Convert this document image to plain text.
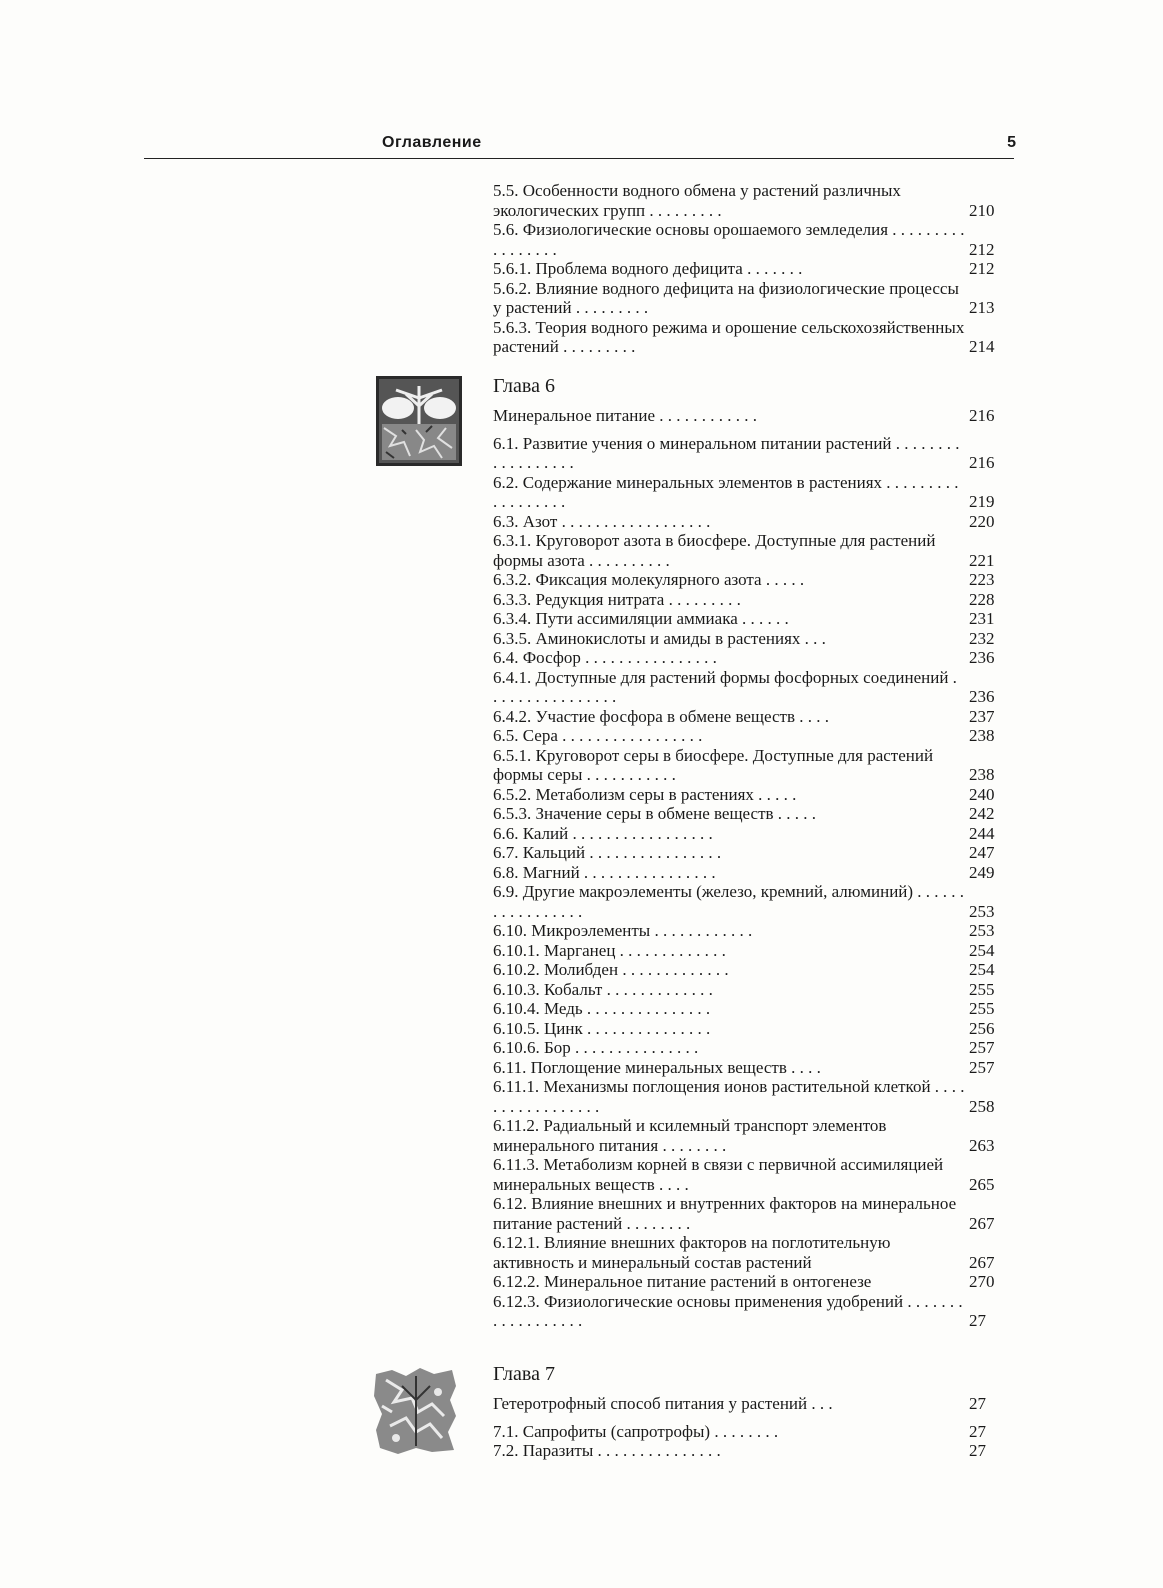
Оглавление	5
5.5. Особенности водного обмена у растений различных экологических групп . . . . . . . . .	210
5.6. Физиологические основы орошаемого земледелия . . . . . . . . . . . . . . . . .	212
5.6.1. Проблема водного дефицита . . . . . . .	212
5.6.2. Влияние водного дефицита на физиологические процессы у растений . . . . . . . . .	213
5.6.3. Теория водного режима и орошение сельскохозяйственных растений . . . . . . . . .	214
Глава 6
Минеральное питание . . . . . . . . . . . .	216
6.1. Развитие учения о минеральном питании растений . . . . . . . . . . . . . . . . . .	216
6.2. Содержание минеральных элементов в растениях . . . . . . . . . . . . . . . . . .	219
6.3. Азот . . . . . . . . . . . . . . . . . .	220
6.3.1. Круговорот азота в биосфере. Доступные для растений формы азота . . . . . . . . . .	221
6.3.2. Фиксация молекулярного азота . . . . .	223
6.3.3. Редукция нитрата . . . . . . . . .	228
6.3.4. Пути ассимиляции аммиака . . . . . .	231
6.3.5. Аминокислоты и амиды в растениях . . .	232
6.4. Фосфор . . . . . . . . . . . . . . . .	236
6.4.1. Доступные для растений формы фосфорных соединений . . . . . . . . . . . . . . . .	236
6.4.2. Участие фосфора в обмене веществ . . . .	237
6.5. Сера . . . . . . . . . . . . . . . . .	238
6.5.1. Круговорот серы в биосфере. Доступные для растений формы серы . . . . . . . . . . .	238
6.5.2. Метаболизм серы в растениях . . . . .	240
6.5.3. Значение серы в обмене веществ . . . . .	242
6.6. Калий . . . . . . . . . . . . . . . . .	244
6.7. Кальций . . . . . . . . . . . . . . . .	247
6.8. Магний . . . . . . . . . . . . . . . .	249
6.9. Другие макроэлементы (железо, кремний, алюминий) . . . . . . . . . . . . . . . . .	253
6.10. Микроэлементы . . . . . . . . . . . .	253
6.10.1. Марганец . . . . . . . . . . . . .	254
6.10.2. Молибден . . . . . . . . . . . . .	254
6.10.3. Кобальт . . . . . . . . . . . . .	255
6.10.4. Медь . . . . . . . . . . . . . . .	255
6.10.5. Цинк . . . . . . . . . . . . . . .	256
6.10.6. Бор . . . . . . . . . . . . . . .	257
6.11. Поглощение минеральных веществ . . . .	257
6.11.1. Механизмы поглощения ионов растительной клеткой . . . . . . . . . . . . . . . . .	258
6.11.2. Радиальный и ксилемный транспорт элементов минерального питания . . . . . . . .	263
6.11.3. Метаболизм корней в связи с первичной ассимиляцией минеральных веществ . . . .	265
6.12. Влияние внешних и внутренних факторов на минеральное питание растений . . . . . . . .	267
6.12.1. Влияние внешних факторов на поглотительную активность и минеральный состав растений	267
6.12.2. Минеральное питание растений в онтогенезе	270
6.12.3. Физиологические основы применения удобрений . . . . . . . . . . . . . . . . . .	27
Глава 7
Гетеротрофный способ питания у растений . . .	27
7.1. Сапрофиты (сапротрофы) . . . . . . . .	27
7.2. Паразиты . . . . . . . . . . . . . . .	27
